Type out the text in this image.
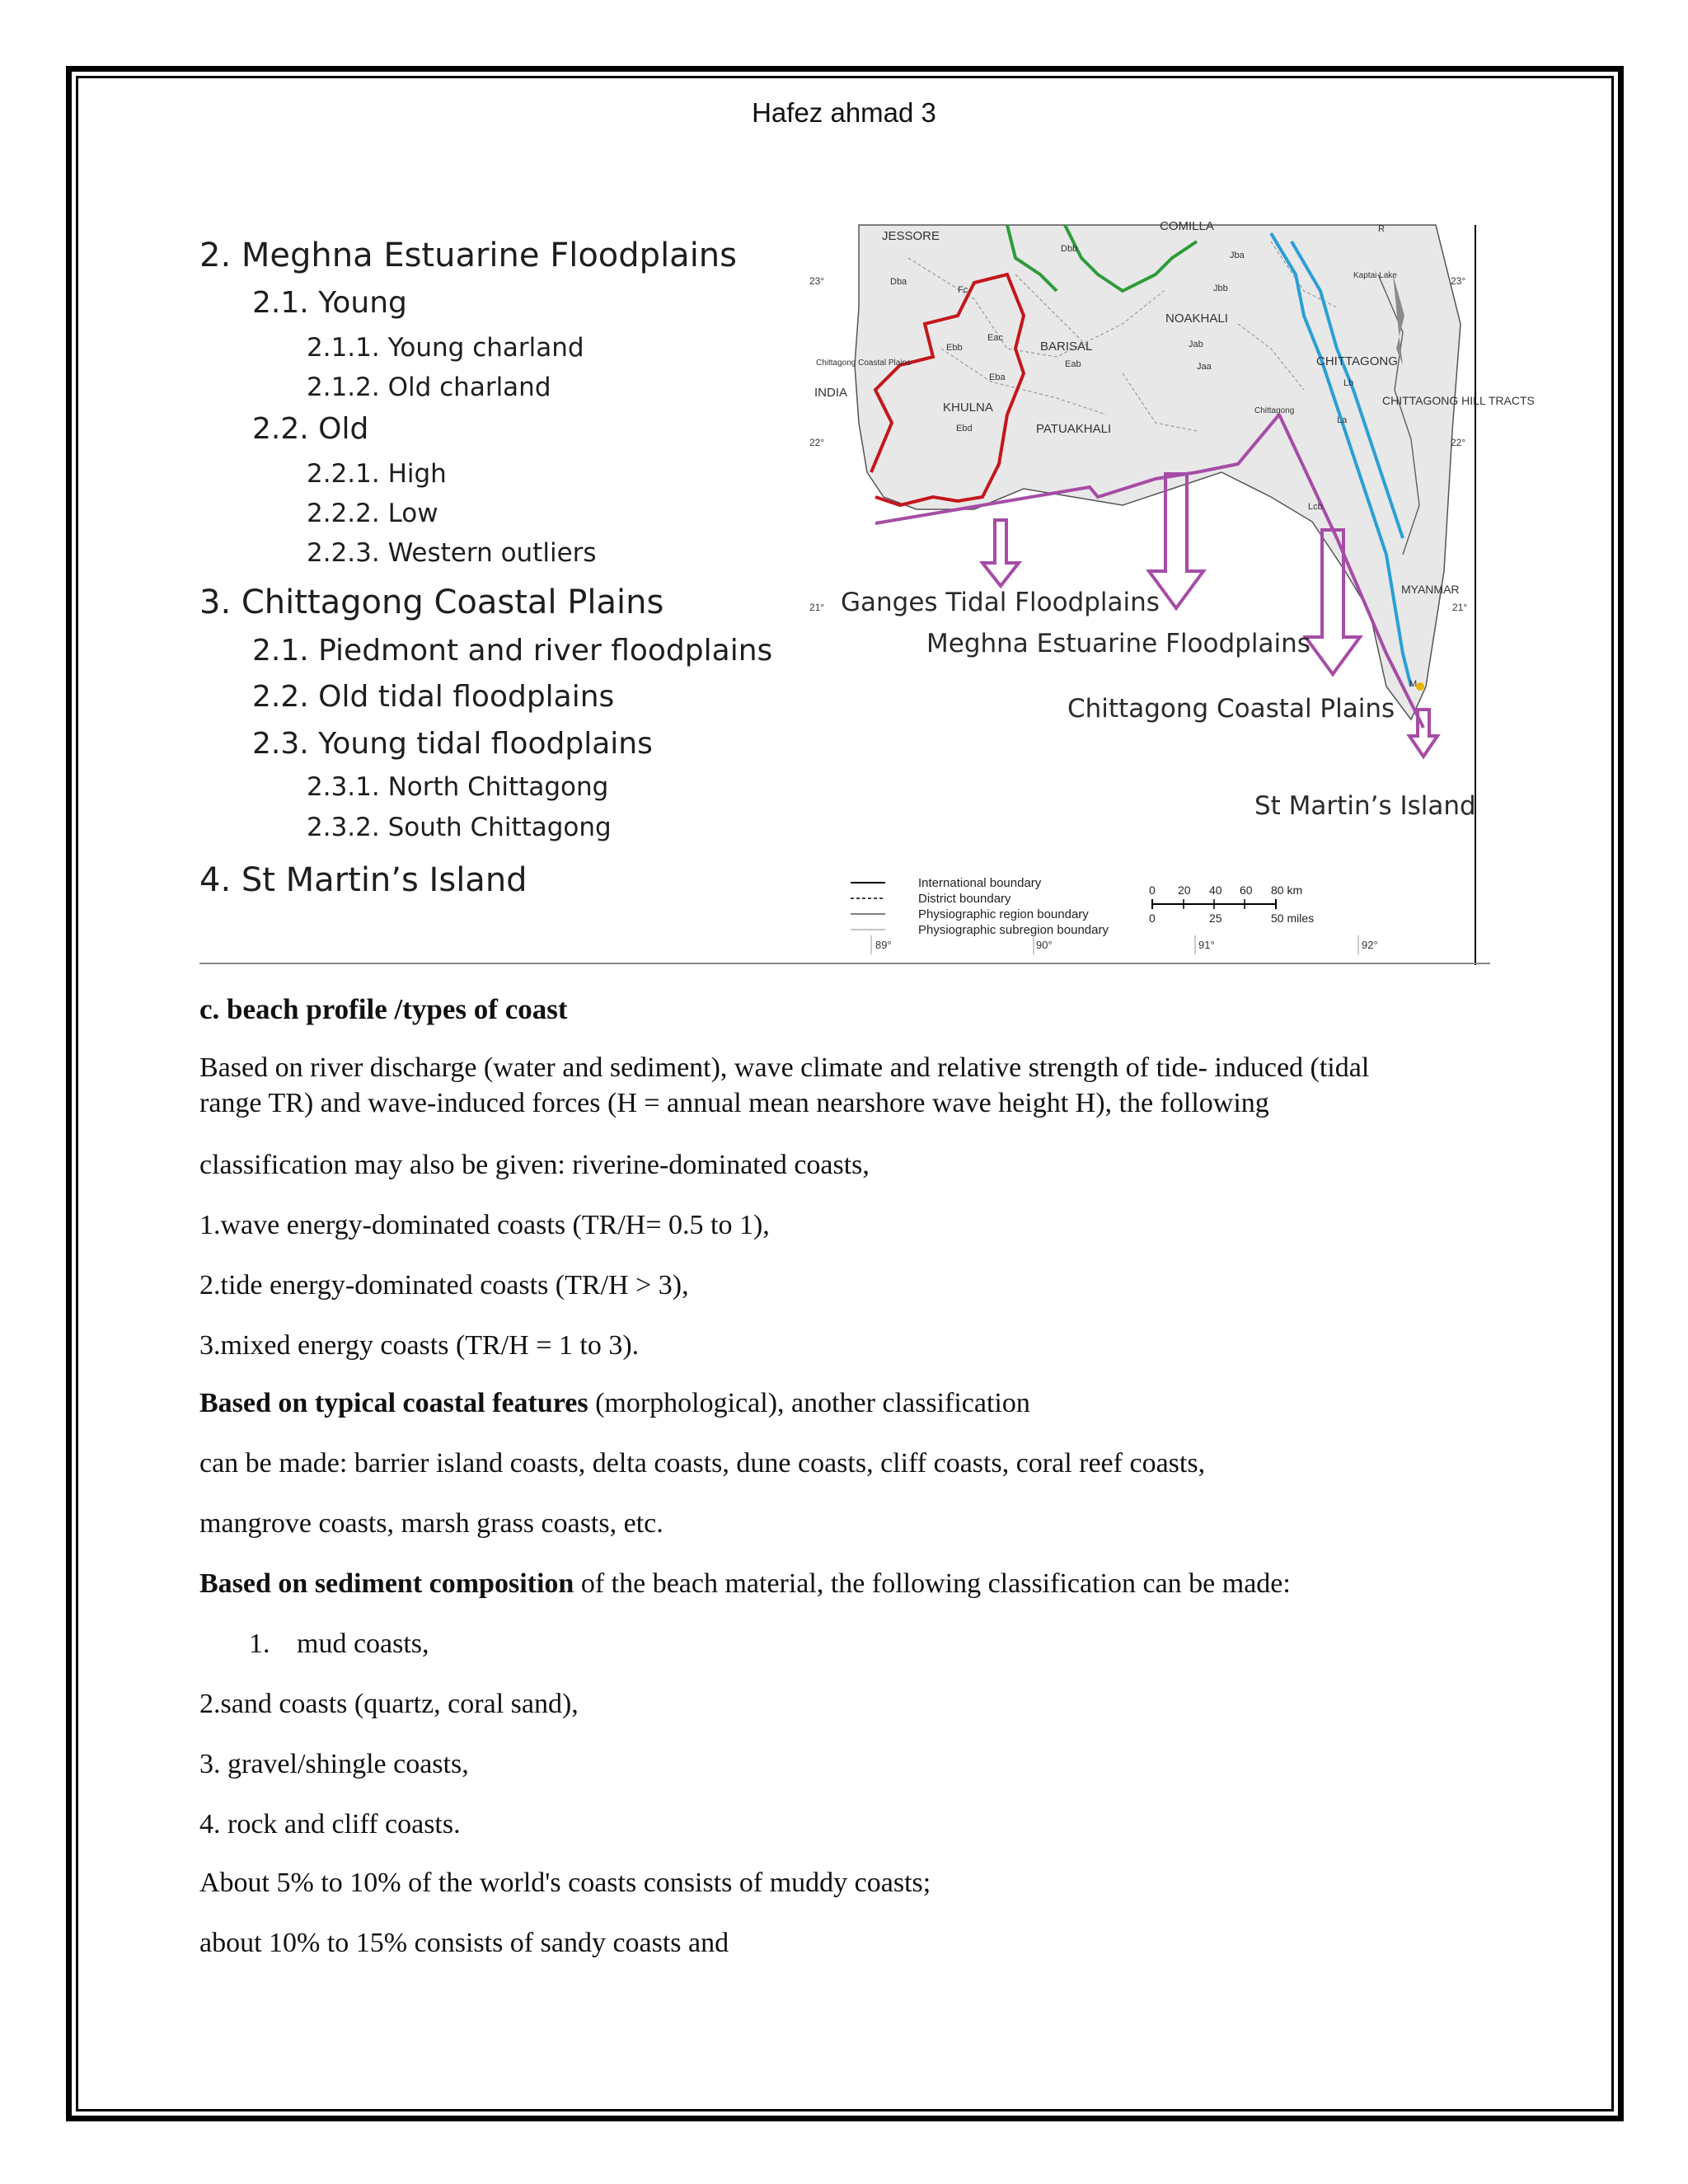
Hafez ahmad 3
2. Meghna Estuarine Floodplains
2.1. Young
2.1.1. Young charland
2.1.2. Old charland
2.2. Old
2.2.1. High
2.2.2. Low
2.2.3. Western outliers
3. Chittagong Coastal Plains
2.1. Piedmont and river floodplains
2.2. Old tidal floodplains
2.3. Young tidal floodplains
2.3.1. North Chittagong
2.3.2. South Chittagong
4. St Martin’s Island
JESSORE
COMILLA
BARISAL
NOAKHALI
KHULNA
PATUAKHALI
CHITTAGONG
INDIA
Chittagong Coastal Plains
Kaptai Lake
CHITTAGONG HILL TRACTS
MYANMAR
Chittagong
Dbb
Dba
Fc
Eac
Eab
Eba
Ebb
Ebd
Jbb
Jba
Jab
Jaa
Lb
La
Lcb
R
M
23°	23°
22°	22°
21°	21°
Ganges Tidal Floodplains
Meghna Estuarine Floodplains
Chittagong Coastal Plains
St Martin’s Island
International boundary
District boundary
Physiographic region boundary
Physiographic subregion boundary
0 20 40 60 80 km
0	25	50 miles
89°	90°	91°	92°
c. beach profile /types of coast
Based on river discharge (water and sediment), wave climate and relative strength of tide- induced (tidal
range TR) and wave-induced forces (H = annual mean nearshore wave height H), the following
classification may also be given: riverine-dominated coasts,
1.wave energy-dominated coasts (TR/H= 0.5 to 1),
2.tide energy-dominated coasts (TR/H > 3),
3.mixed energy coasts (TR/H = 1 to 3).
Based on typical coastal features (morphological), another classification
can be made: barrier island coasts, delta coasts, dune coasts, cliff coasts, coral reef coasts,
mangrove coasts, marsh grass coasts, etc.
Based on sediment composition of the beach material, the following classification can be made:
1. mud coasts,
2.sand coasts (quartz, coral sand),
3. gravel/shingle coasts,
4. rock and cliff coasts.
About 5% to 10% of the world's coasts consists of muddy coasts;
about 10% to 15% consists of sandy coasts and
